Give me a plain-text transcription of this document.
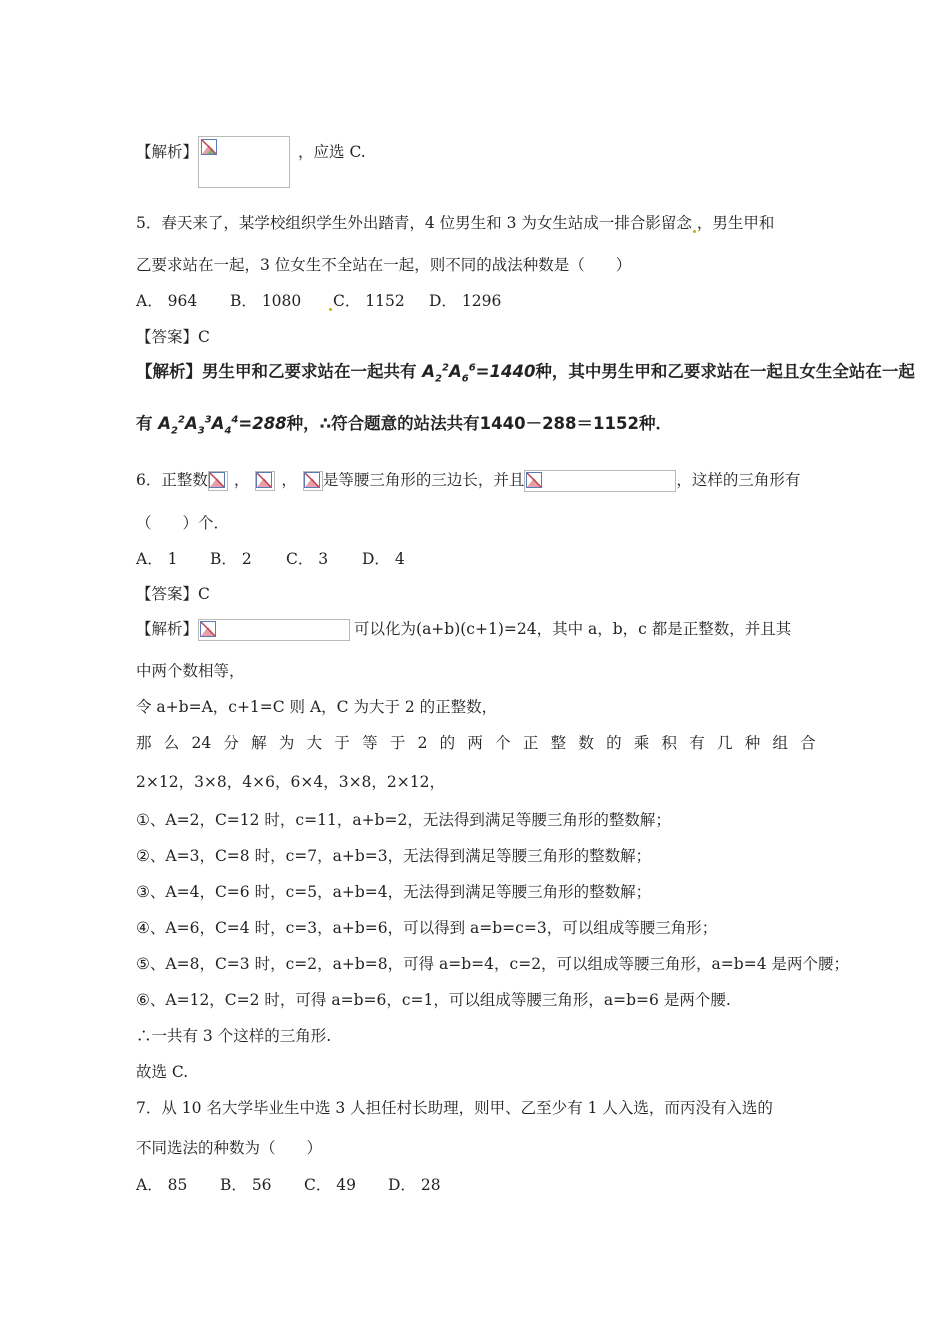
【解析】	，应选 C.
5．春天来了，某学校组织学生外出踏青，4 位男生和 3 为女生站成一排合影留念 ，男生甲和
乙要求站在一起，3 位女生不全站在一起，则不同的战法种数是（　　）
A． 964 B． 1080 C． 1152 D． 1296
【答案】C
【解析】男生甲和乙要求站在一起共有 $A_2^2A_6^6=1440$种，其中男生甲和乙要求站在一起且女生全站在一起
有 $A_2^2A_3^3A_4^4=288$种，∴符合题意的站法共有1440－288＝1152种．
6．正整数 ， ， 是等腰三角形的三边长，并且	，这样的三角形有
（　　）个．
A． 1 B． 2 C． 3 D． 4
【答案】C
【解析】	可以化为(a+b)(c+1)=24，其中 a，b，c 都是正整数，并且其
中两个数相等，
令 a+b=A，c+1=C 则 A，C 为大于 2 的正整数，
那 么 24 分 解 为 大 于 等 于 2 的 两 个 正 整 数 的 乘 积 有 几 种 组 合
2×12，3×8，4×6，6×4，3×8，2×12，
①、A=2，C=12 时，c=11，a+b=2，无法得到满足等腰三角形的整数解；
②、A=3，C=8 时，c=7，a+b=3，无法得到满足等腰三角形的整数解；
③、A=4，C=6 时，c=5，a+b=4，无法得到满足等腰三角形的整数解；
④、A=6，C=4 时，c=3，a+b=6，可以得到 a=b=c=3，可以组成等腰三角形；
⑤、A=8，C=3 时，c=2，a+b=8，可得 a=b=4，c=2，可以组成等腰三角形，a=b=4 是两个腰；
⑥、A=12，C=2 时，可得 a=b=6，c=1，可以组成等腰三角形，a=b=6 是两个腰.
∴一共有 3 个这样的三角形.
故选 C.
7．从 10 名大学毕业生中选 3 人担任村长助理，则甲、乙至少有 1 人入选，而丙没有入选的
不同选法的种数为（　　）
A． 85 B． 56 C． 49 D． 28
